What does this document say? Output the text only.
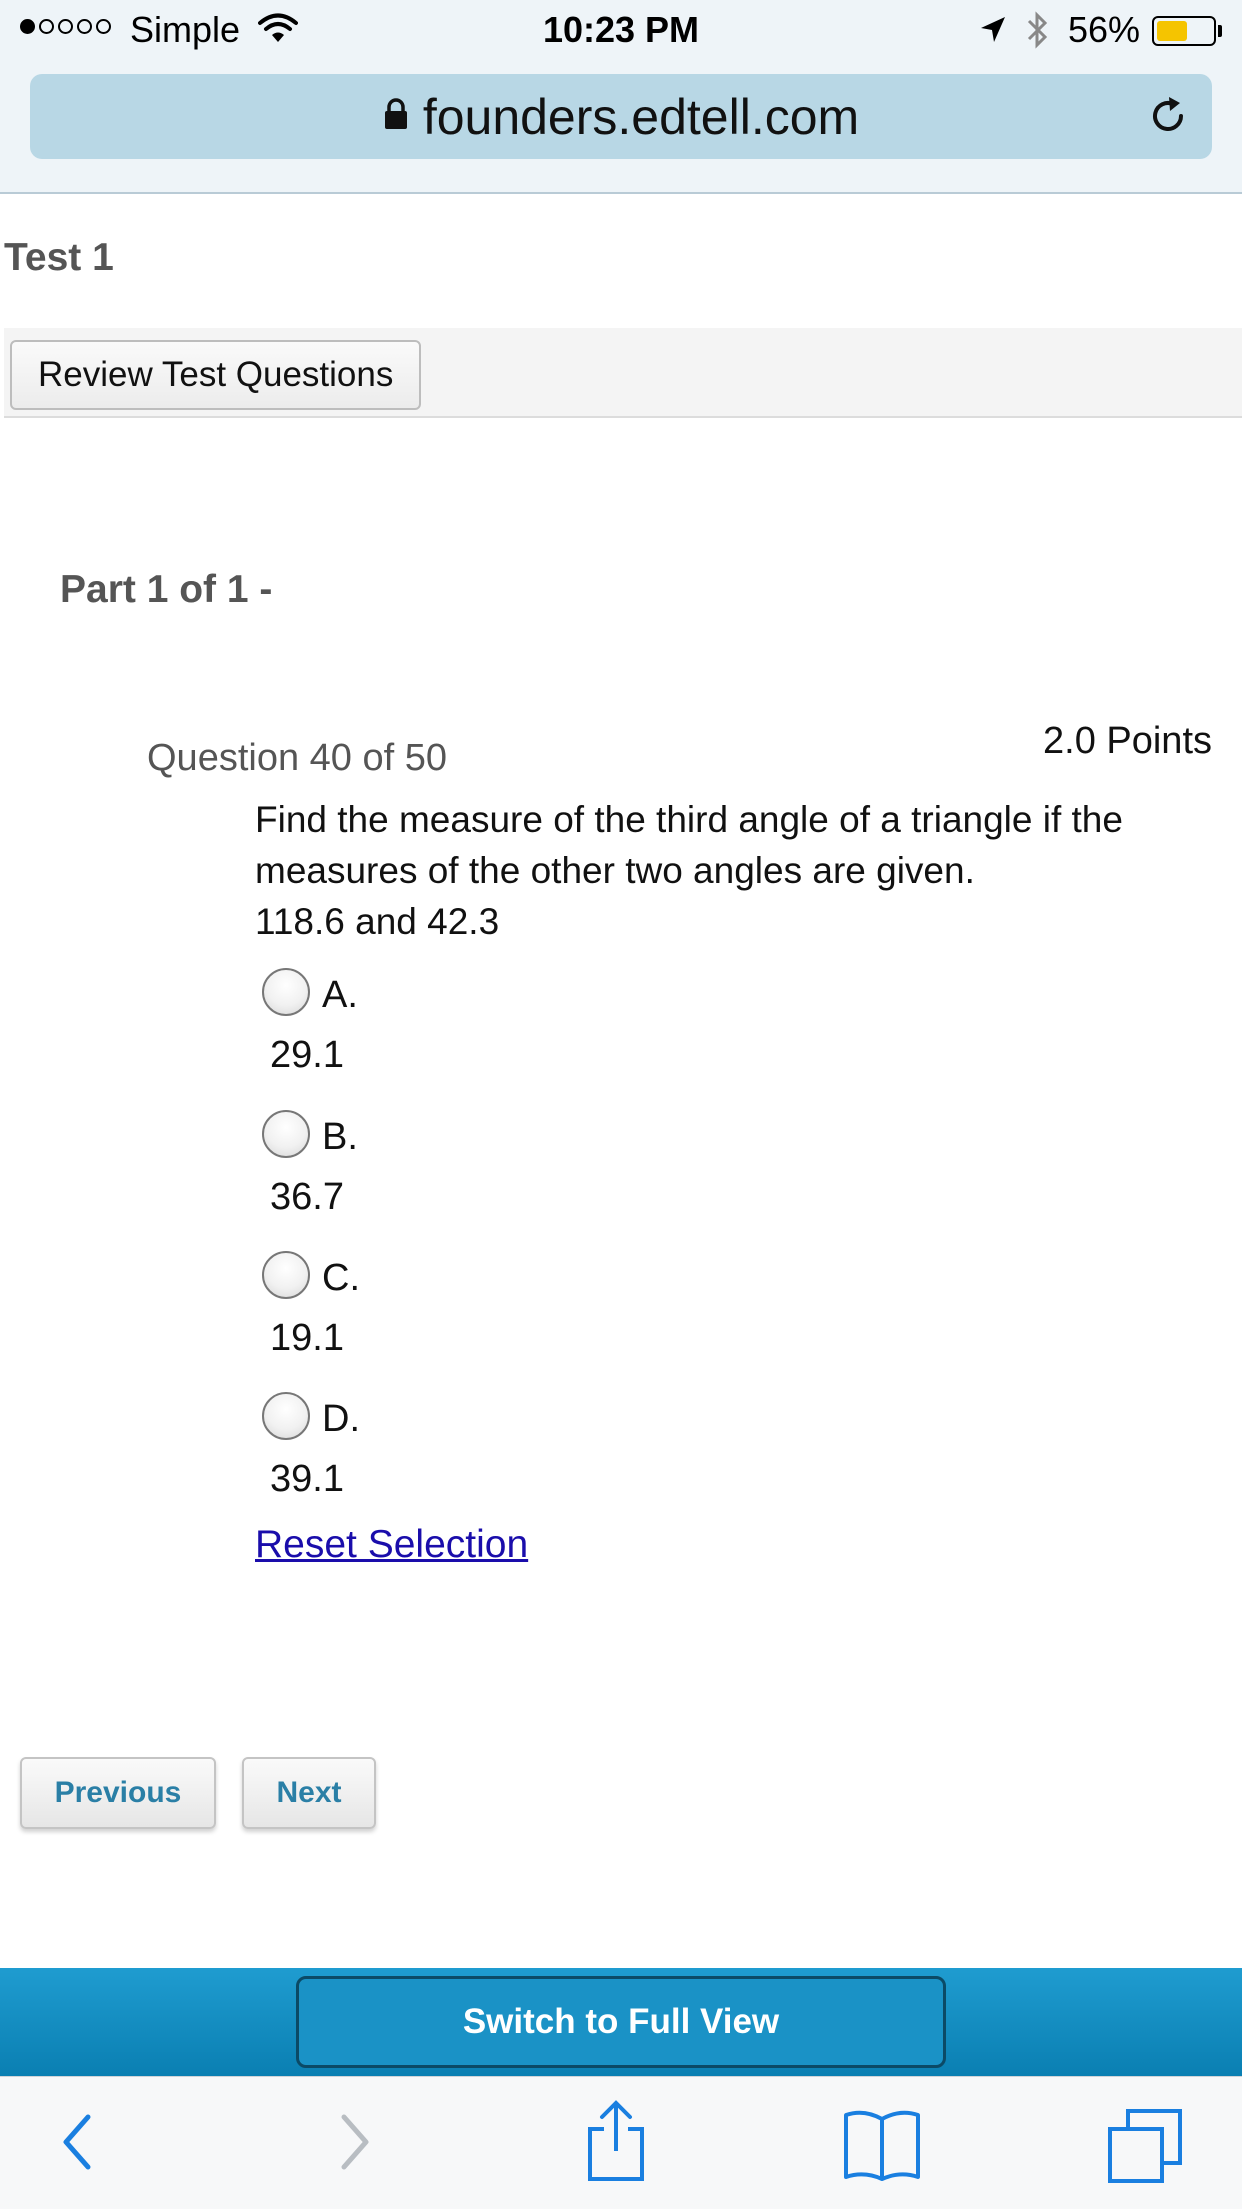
Simple	10:23 PM	56%
founders.edtell.com
Test 1
Review Test Questions
Part 1 of 1 -
Question 40 of 50	2.0 Points
Find the measure of the third angle of a triangle if the
measures of the other two angles are given.
118.6 and 42.3
A.
29.1
B.
36.7
C.
19.1
D.
39.1
Reset Selection
Previous	Next
Switch to Full View
